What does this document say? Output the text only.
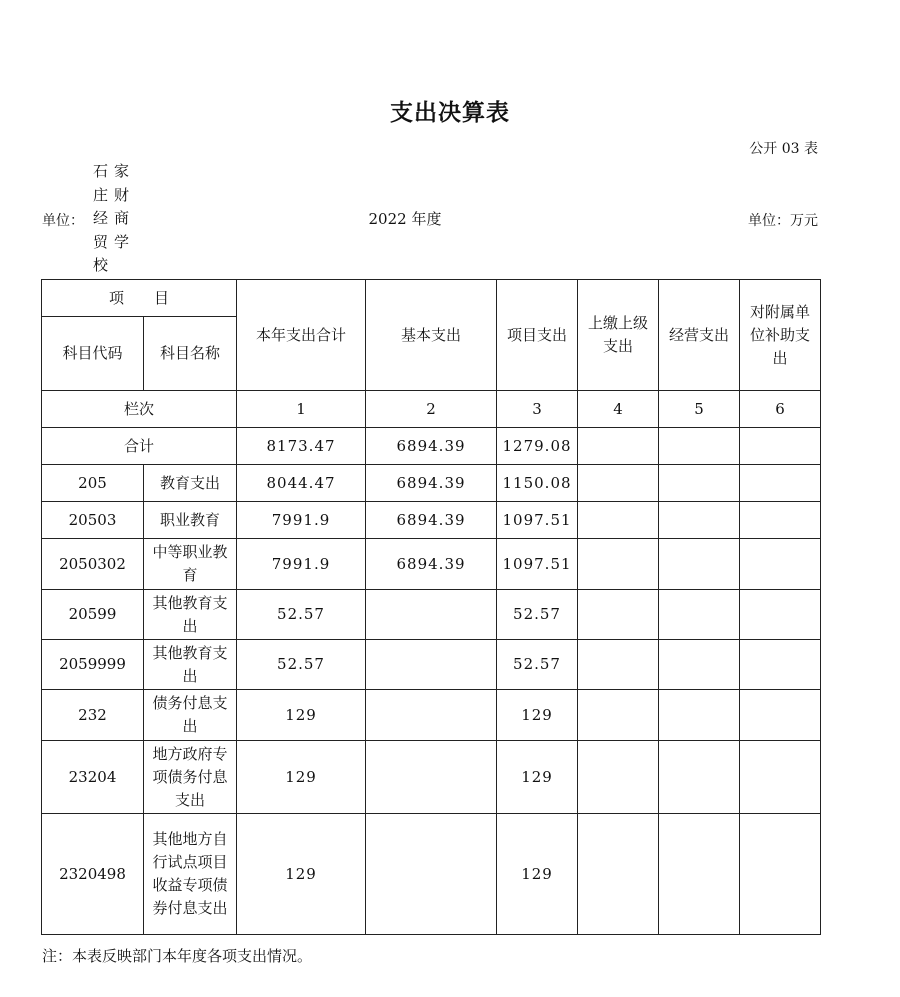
支出决算表
公开 03 表
单位：
石家庄财经商贸学校
2022 年度	单位：万元
项　　目		本年支出合计	基本支出	项目支出	上缴上级支出	经营支出	对附属单位补助支出
科目代码	科目名称						
栏次		1	2	3	4	5	6
合计		8173.47	6894.39	1279.08			
205	教育支出	8044.47	6894.39	1150.08			
20503	职业教育	7991.9	6894.39	1097.51			
2050302	中等职业教育	7991.9	6894.39	1097.51			
20599	其他教育支出	52.57		52.57			
2059999	其他教育支出	52.57		52.57			
232	债务付息支出	129		129			
23204	地方政府专项债务付息支出	129		129			
2320498	其他地方自行试点项目收益专项债券付息支出	129		129			
注：本表反映部门本年度各项支出情况。
